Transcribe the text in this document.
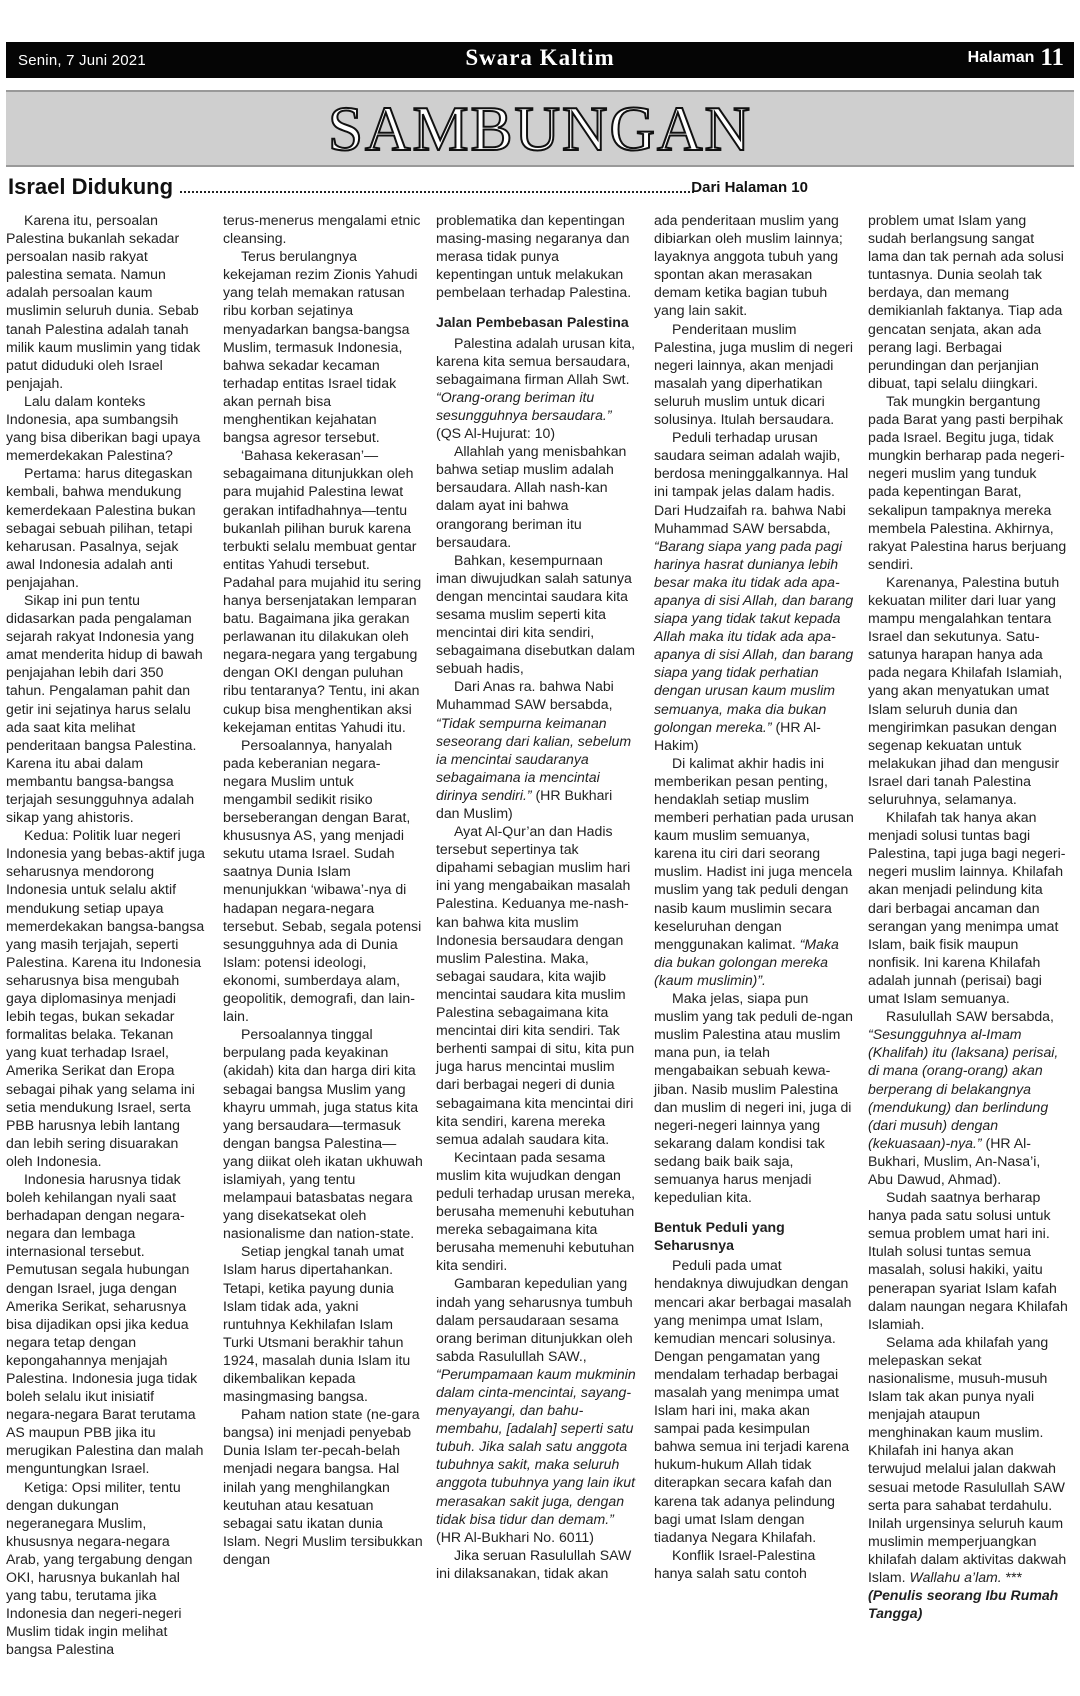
Senin, 7 Juni 2021	Swara Kaltim	Halaman 11
SAMBUNGAN
Israel Didukung	Dari Halaman 10

Karena itu, persoalan Palestina bukanlah sekadar persoalan nasib rakyat palestina semata. Namun adalah persoalan kaum muslimin seluruh dunia. Sebab tanah Palestina adalah tanah milik kaum muslimin yang tidak patut diduduki oleh Israel penjajah.

Lalu dalam konteks Indonesia, apa sumbangsih yang bisa diberikan bagi upaya memerdekakan Palestina?

Pertama: harus ditegaskan kembali, bahwa mendukung kemerdekaan Palestina bukan sebagai sebuah pilihan, tetapi keharusan. Pasalnya, sejak awal Indonesia adalah anti penjajahan.

Sikap ini pun tentu didasarkan pada pengalaman sejarah rakyat Indonesia yang amat menderita hidup di bawah penjajahan lebih dari 350 tahun. Pengalaman pahit dan getir ini sejatinya harus selalu ada saat kita melihat penderitaan bangsa Palestina. Karena itu abai dalam membantu bangsa-bangsa terjajah sesungguhnya adalah sikap yang ahistoris.

Kedua: Politik luar negeri Indonesia yang bebas-aktif juga seharusnya mendorong Indonesia untuk selalu aktif mendukung setiap upaya memerdekakan bangsa-bangsa yang masih terjajah, seperti Palestina. Karena itu Indonesia seharusnya bisa mengubah gaya diplomasinya menjadi lebih tegas, bukan sekadar formalitas belaka. Tekanan yang kuat terhadap Israel, Amerika Serikat dan Eropa sebagai pihak yang selama ini setia mendukung Israel, serta PBB harusnya lebih lantang dan lebih sering disuarakan oleh Indonesia.

Indonesia harusnya tidak boleh kehilangan nyali saat berhadapan dengan negara-negara dan lembaga internasional tersebut. Pemutusan segala hubungan dengan Israel, juga dengan Amerika Serikat, seharusnya bisa dijadikan opsi jika kedua negara tetap dengan kepongahannya menjajah Palestina. Indonesia juga tidak boleh selalu ikut inisiatif negara-negara Barat terutama AS maupun PBB jika itu merugikan Palestina dan malah menguntungkan Israel.

Ketiga: Opsi militer, tentu dengan dukungan negeranegara Muslim, khususnya negara-negara Arab, yang tergabung dengan OKI, harusnya bukanlah hal yang tabu, terutama jika Indonesia dan negeri-negeri Muslim tidak ingin melihat bangsa Palestina

terus-menerus mengalami etnic cleansing.

Terus berulangnya kekejaman rezim Zionis Yahudi yang telah memakan ratusan ribu korban sejatinya menyadarkan bangsa-bangsa Muslim, termasuk Indonesia, bahwa sekadar kecaman terhadap entitas Israel tidak akan pernah bisa menghentikan kejahatan bangsa agresor tersebut.

‘Bahasa kekerasan’—sebagaimana ditunjukkan oleh para mujahid Palestina lewat gerakan intifadhahnya—tentu bukanlah pilihan buruk karena terbukti selalu membuat gentar entitas Yahudi tersebut. Padahal para mujahid itu sering hanya bersenjatakan lemparan batu. Bagaimana jika gerakan perlawanan itu dilakukan oleh negara-negara yang tergabung dengan OKI dengan puluhan ribu tentaranya? Tentu, ini akan cukup bisa menghentikan aksi kekejaman entitas Yahudi itu.

Persoalannya, hanyalah pada keberanian negara-negara Muslim untuk mengambil sedikit risiko berseberangan dengan Barat, khususnya AS, yang menjadi sekutu utama Israel. Sudah saatnya Dunia Islam menunjukkan ‘wibawa’-nya di hadapan negara-negara tersebut. Sebab, segala potensi sesungguhnya ada di Dunia Islam: potensi ideologi, ekonomi, sumberdaya alam, geopolitik, demografi, dan lain-lain.

Persoalannya tinggal berpulang pada keyakinan (akidah) kita dan harga diri kita sebagai bangsa Muslim yang khayru ummah, juga status kita yang bersaudara—termasuk dengan bangsa Palestina—yang diikat oleh ikatan ukhuwah islamiyah, yang tentu melampaui batasbatas negara yang disekatsekat oleh nasionalisme dan nation-state.

Setiap jengkal tanah umat Islam harus dipertahankan. Tetapi, ketika payung dunia Islam tidak ada, yakni runtuhnya Kekhilafan Islam Turki Utsmani berakhir tahun 1924, masalah dunia Islam itu dikembalikan kepada masingmasing bangsa.

Paham nation state (ne-gara bangsa) ini menjadi penyebab Dunia Islam ter-pecah-belah menjadi negara bangsa. Hal inilah yang menghilangkan keutuhan atau kesatuan sebagai satu ikatan dunia Islam. Negri Muslim tersibukkan dengan

problematika dan kepentingan masing-masing negaranya dan merasa tidak punya kepentingan untuk melakukan pembelaan terhadap Palestina.

Jalan Pembebasan Palestina

Palestina adalah urusan kita, karena kita semua bersaudara, sebagaimana firman Allah Swt. “Orang-orang beriman itu sesungguhnya bersaudara.” (QS Al-Hujurat: 10)

Allahlah yang menisbahkan bahwa setiap muslim adalah bersaudara. Allah nash-kan dalam ayat ini bahwa orangorang beriman itu bersaudara.

Bahkan, kesempurnaan iman diwujudkan salah satunya dengan mencintai saudara kita sesama muslim seperti kita mencintai diri kita sendiri, sebagaimana disebutkan dalam sebuah hadis,

Dari Anas ra. bahwa Nabi Muhammad SAW bersabda, “Tidak sempurna keimanan seseorang dari kalian, sebelum ia mencintai saudaranya sebagaimana ia mencintai dirinya sendiri.” (HR Bukhari dan Muslim)

Ayat Al-Qur’an dan Hadis tersebut sepertinya tak dipahami sebagian muslim hari ini yang mengabaikan masalah Palestina. Keduanya me-nash-kan bahwa kita muslim Indonesia bersaudara dengan muslim Palestina. Maka, sebagai saudara, kita wajib mencintai saudara kita muslim Palestina sebagaimana kita mencintai diri kita sendiri. Tak berhenti sampai di situ, kita pun juga harus mencintai muslim dari berbagai negeri di dunia sebagaimana kita mencintai diri kita sendiri, karena mereka semua adalah saudara kita.

Kecintaan pada sesama muslim kita wujudkan dengan peduli terhadap urusan mereka, berusaha memenuhi kebutuhan mereka sebagaimana kita berusaha memenuhi kebutuhan kita sendiri.

Gambaran kepedulian yang indah yang seharusnya tumbuh dalam persaudaraan sesama orang beriman ditunjukkan oleh sabda Rasulullah SAW., “Perumpamaan kaum mukminin dalam cinta-mencintai, sayang-menyayangi, dan bahu-membahu, [adalah] seperti satu tubuh. Jika salah satu anggota tubuhnya sakit, maka seluruh anggota tubuhnya yang lain ikut merasakan sakit juga, dengan tidak bisa tidur dan demam.” (HR Al-Bukhari No. 6011)

Jika seruan Rasulullah SAW ini dilaksanakan, tidak akan

ada penderitaan muslim yang dibiarkan oleh muslim lainnya; layaknya anggota tubuh yang spontan akan merasakan demam ketika bagian tubuh yang lain sakit.

Penderitaan muslim Palestina, juga muslim di negeri negeri lainnya, akan menjadi masalah yang diperhatikan seluruh muslim untuk dicari solusinya. Itulah bersaudara.

Peduli terhadap urusan saudara seiman adalah wajib, berdosa meninggalkannya. Hal ini tampak jelas dalam hadis. Dari Hudzaifah ra. bahwa Nabi Muhammad SAW bersabda, “Barang siapa yang pada pagi harinya hasrat dunianya lebih besar maka itu tidak ada apa-apanya di sisi Allah, dan barang siapa yang tidak takut kepada Allah maka itu tidak ada apa-apanya di sisi Allah, dan barang siapa yang tidak perhatian dengan urusan kaum muslim semuanya, maka dia bukan golongan mereka.” (HR Al-Hakim)

Di kalimat akhir hadis ini memberikan pesan penting, hendaklah setiap muslim memberi perhatian pada urusan kaum muslim semuanya, karena itu ciri dari seorang muslim. Hadist ini juga mencela muslim yang tak peduli dengan nasib kaum muslimin secara keseluruhan dengan menggunakan kalimat. “Maka dia bukan golongan mereka (kaum muslimin)”.

Maka jelas, siapa pun muslim yang tak peduli de-ngan muslim Palestina atau muslim mana pun, ia telah mengabaikan sebuah kewa-jiban. Nasib muslim Palestina dan muslim di negeri ini, juga di negeri-negeri lainnya yang sekarang dalam kondisi tak sedang baik baik saja, semuanya harus menjadi kepedulian kita.

Bentuk Peduli yang Seharusnya

Peduli pada umat hendaknya diwujudkan dengan mencari akar berbagai masalah yang menimpa umat Islam, kemudian mencari solusinya. Dengan pengamatan yang mendalam terhadap berbagai masalah yang menimpa umat Islam hari ini, maka akan sampai pada kesimpulan bahwa semua ini terjadi karena hukum-hukum Allah tidak diterapkan secara kafah dan karena tak adanya pelindung bagi umat Islam dengan tiadanya Negara Khilafah.

Konflik Israel-Palestina hanya salah satu contoh

problem umat Islam yang sudah berlangsung sangat lama dan tak pernah ada solusi tuntasnya. Dunia seolah tak berdaya, dan memang demikianlah faktanya. Tiap ada gencatan senjata, akan ada perang lagi. Berbagai perundingan dan perjanjian dibuat, tapi selalu diingkari.

Tak mungkin bergantung pada Barat yang pasti berpihak pada Israel. Begitu juga, tidak mungkin berharap pada negeri-negeri muslim yang tunduk pada kepentingan Barat, sekalipun tampaknya mereka membela Palestina. Akhirnya, rakyat Palestina harus berjuang sendiri.

Karenanya, Palestina butuh kekuatan militer dari luar yang mampu mengalahkan tentara Israel dan sekutunya. Satu-satunya harapan hanya ada pada negara Khilafah Islamiah, yang akan menyatukan umat Islam seluruh dunia dan mengirimkan pasukan dengan segenap kekuatan untuk melakukan jihad dan mengusir Israel dari tanah Palestina seluruhnya, selamanya.

Khilafah tak hanya akan menjadi solusi tuntas bagi Palestina, tapi juga bagi negeri-negeri muslim lainnya. Khilafah akan menjadi pelindung kita dari berbagai ancaman dan serangan yang menimpa umat Islam, baik fisik maupun nonfisik. Ini karena Khilafah adalah junnah (perisai) bagi umat Islam semuanya.

Rasulullah SAW bersabda, “Sesungguhnya al-Imam (Khalifah) itu (laksana) perisai, di mana (orang-orang) akan berperang di belakangnya (mendukung) dan berlindung (dari musuh) dengan (kekuasaan)-nya.” (HR Al-Bukhari, Muslim, An-Nasa’i, Abu Dawud, Ahmad).

Sudah saatnya berharap hanya pada satu solusi untuk semua problem umat hari ini. Itulah solusi tuntas semua masalah, solusi hakiki, yaitu penerapan syariat Islam kafah dalam naungan negara Khilafah Islamiah.

Selama ada khilafah yang melepaskan sekat nasionalisme, musuh-musuh Islam tak akan punya nyali menjajah ataupun menghinakan kaum muslim. Khilafah ini hanya akan terwujud melalui jalan dakwah sesuai metode Rasulullah SAW serta para sahabat terdahulu. Inilah urgensinya seluruh kaum muslimin memperjuangkan khilafah dalam aktivitas dakwah Islam. Wallahu a’lam. ***

(Penulis seorang Ibu Rumah Tangga)
